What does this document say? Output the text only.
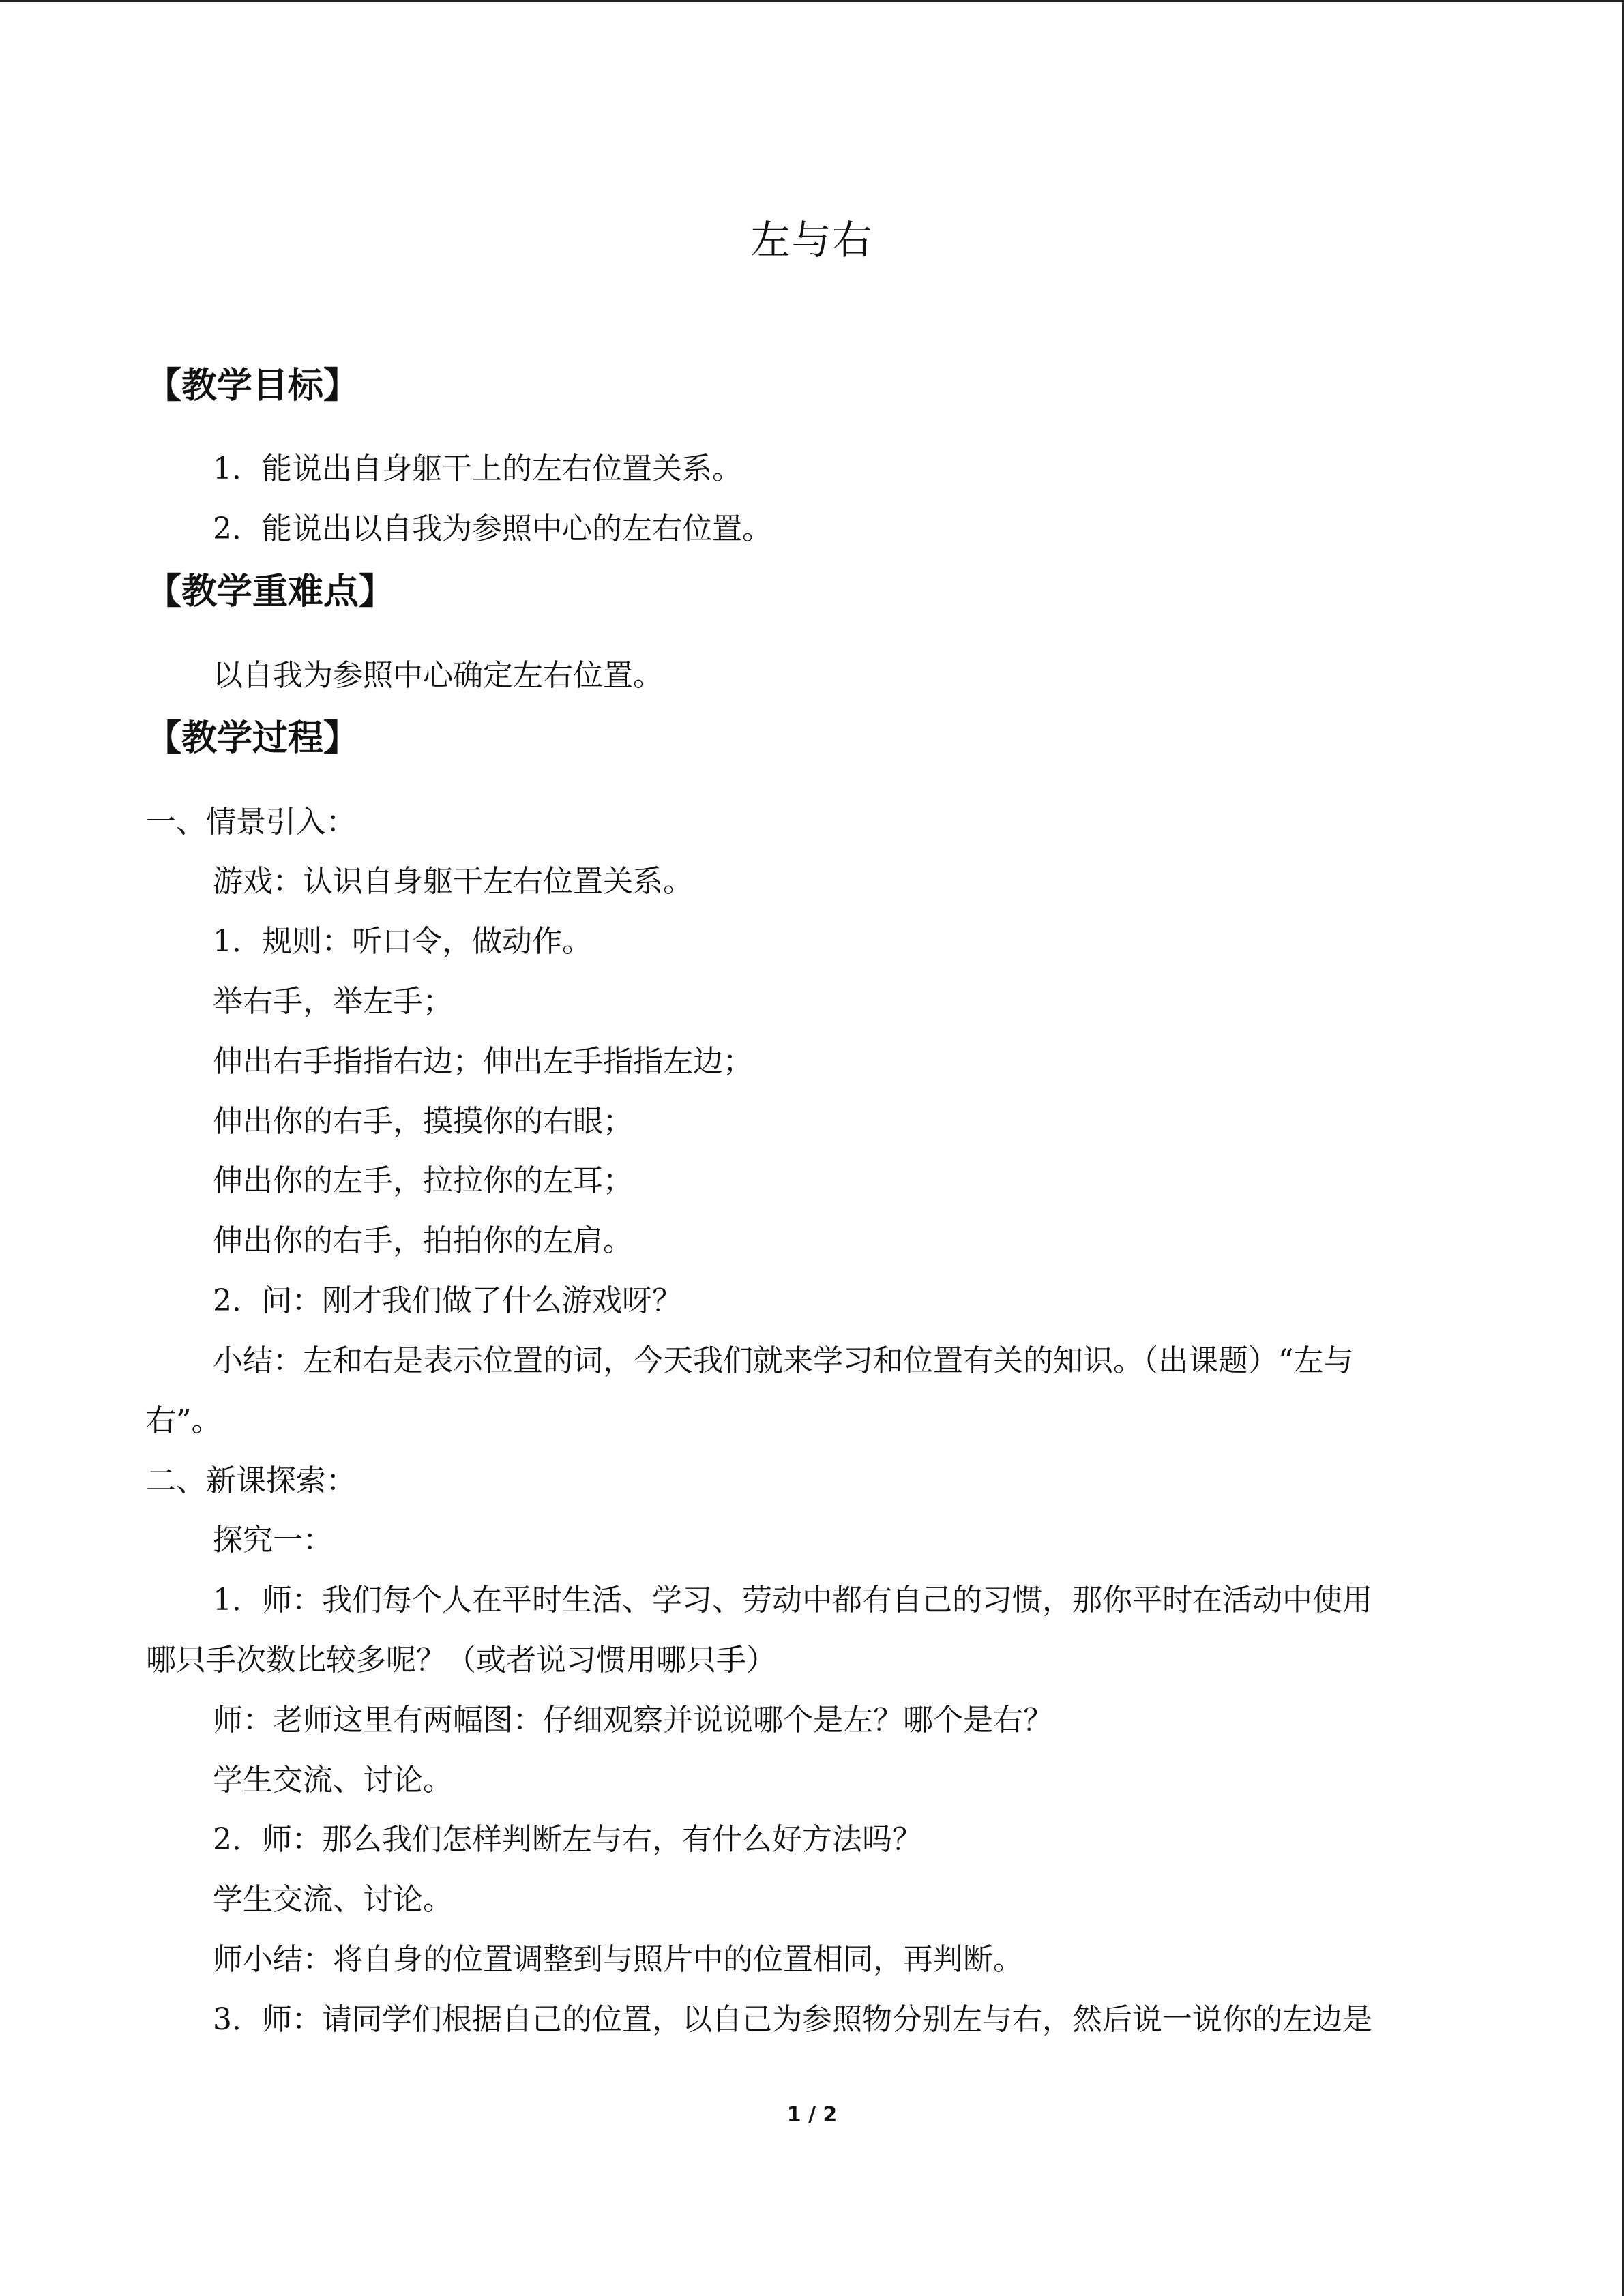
左与右
【教学目标】
1．能说出自身躯干上的左右位置关系。
2．能说出以自我为参照中心的左右位置。
【教学重难点】
以自我为参照中心确定左右位置。
【教学过程】
一、情景引入：
游戏：认识自身躯干左右位置关系。
1．规则：听口令，做动作。
举右手，举左手；
伸出右手指指右边；伸出左手指指左边；
伸出你的右手，摸摸你的右眼；
伸出你的左手，拉拉你的左耳；
伸出你的右手，拍拍你的左肩。
2．问：刚才我们做了什么游戏呀？
小结：左和右是表示位置的词，今天我们就来学习和位置有关的知识。（出课题）“左与
右”。
二、新课探索：
探究一：
1．师：我们每个人在平时生活、学习、劳动中都有自己的习惯，那你平时在活动中使用
哪只手次数比较多呢？（或者说习惯用哪只手）
师：老师这里有两幅图：仔细观察并说说哪个是左？哪个是右？
学生交流、讨论。
2．师：那么我们怎样判断左与右，有什么好方法吗？
学生交流、讨论。
师小结：将自身的位置调整到与照片中的位置相同，再判断。
3．师：请同学们根据自己的位置，以自己为参照物分别左与右，然后说一说你的左边是
1 / 2
